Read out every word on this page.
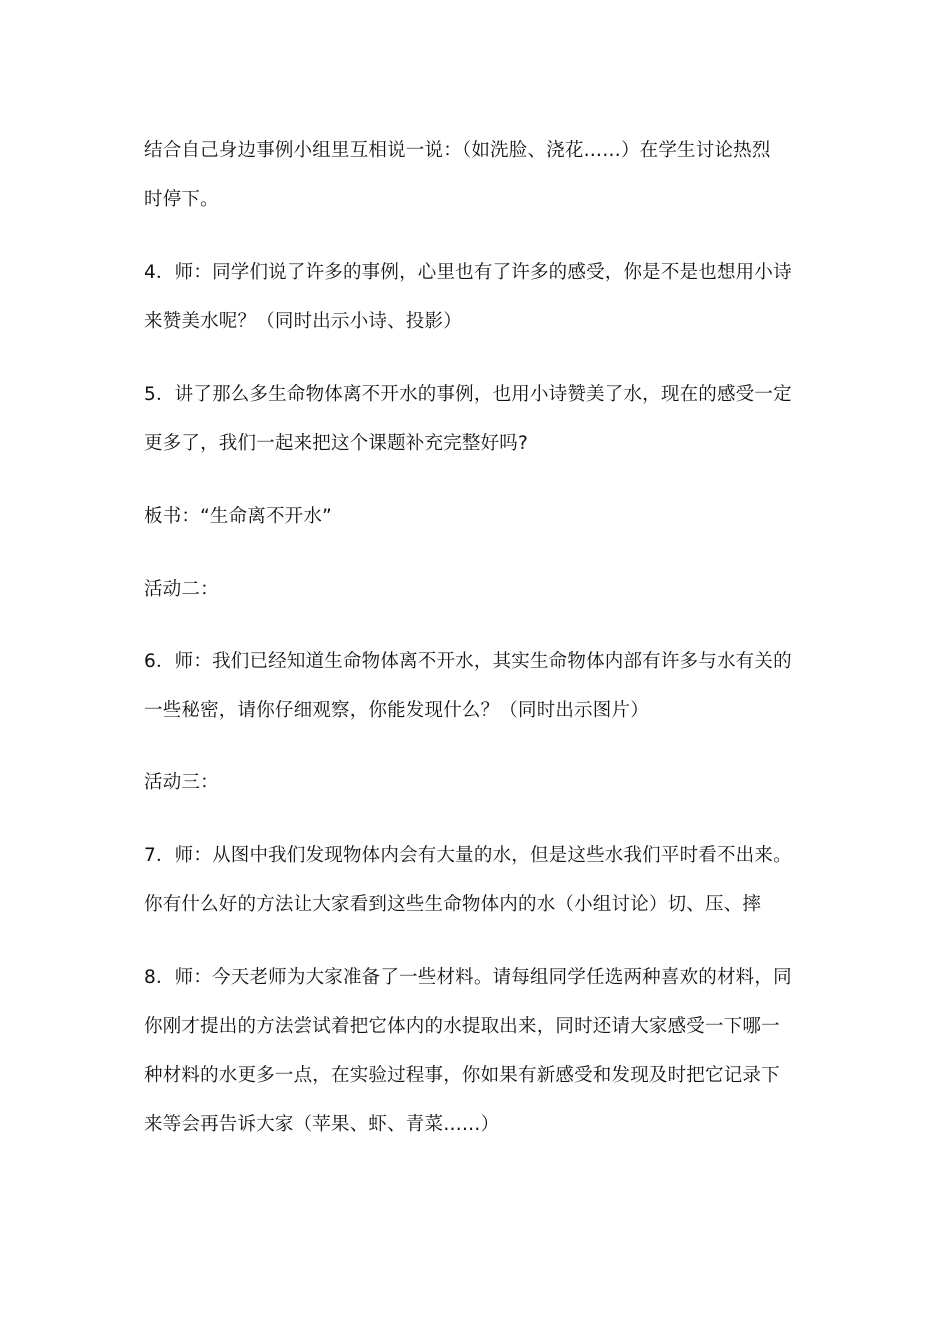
结合自己身边事例小组里互相说一说：（如洗脸、浇花……）在学生讨论热烈
时停下。
4．师：同学们说了许多的事例，心里也有了许多的感受，你是不是也想用小诗
来赞美水呢？（同时出示小诗、投影）
5．讲了那么多生命物体离不开水的事例，也用小诗赞美了水，现在的感受一定
更多了，我们一起来把这个课题补充完整好吗?
板书：“生命离不开水”
活动二：
6．师：我们已经知道生命物体离不开水，其实生命物体内部有许多与水有关的
一些秘密，请你仔细观察，你能发现什么？（同时出示图片）
活动三：
7．师：从图中我们发现物体内会有大量的水，但是这些水我们平时看不出来。
你有什么好的方法让大家看到这些生命物体内的水（小组讨论）切、压、摔
8．师：今天老师为大家准备了一些材料。请每组同学任选两种喜欢的材料，同
你刚才提出的方法尝试着把它体内的水提取出来，同时还请大家感受一下哪一
种材料的水更多一点，在实验过程事，你如果有新感受和发现及时把它记录下
来等会再告诉大家（苹果、虾、青菜……）
